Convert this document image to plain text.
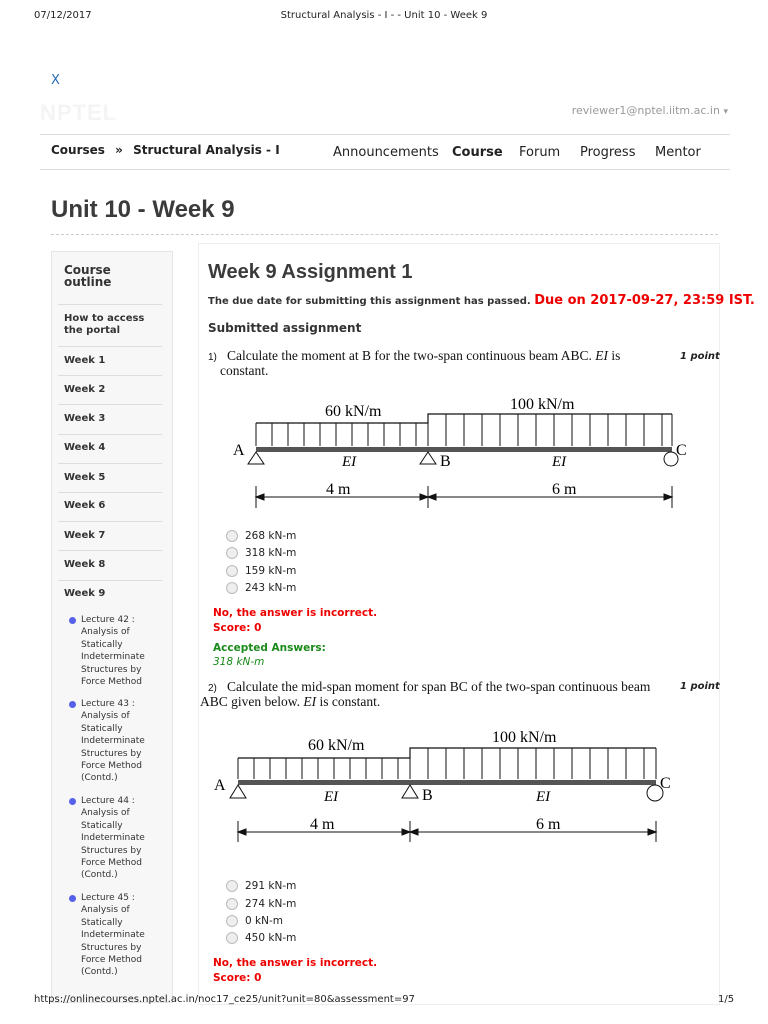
07/12/2017	Structural Analysis - I - - Unit 10 - Week 9
X
NPTEL	reviewer1@nptel.iitm.ac.in ▾
Courses » Structural Analysis - I	Announcements Course Forum Progress Mentor
Unit 10 - Week 9
Course outline
How to access the portal
Week 1
Week 2
Week 3
Week 4
Week 5
Week 6
Week 7
Week 8
Week 9
Lecture 42 : Analysis of Statically Indeterminate Structures by Force Method
Lecture 43 : Analysis of Statically Indeterminate Structures by Force Method (Contd.)
Lecture 44 : Analysis of Statically Indeterminate Structures by Force Method (Contd.)
Lecture 45 : Analysis of Statically Indeterminate Structures by Force Method (Contd.)
Week 9 Assignment 1
The due date for submitting this assignment has passed. Due on 2017-09-27, 23:59 IST.
Submitted assignment
1) Calculate the moment at B for the two-span continuous beam ABC. EI is	1 point
constant.
60 kN/m	100 kN/m
A
B
C
EI	EI
4 m	6 m
268 kN-m
318 kN-m
159 kN-m
243 kN-m
No, the answer is incorrect.
Score: 0
Accepted Answers:
318 kN-m
2) Calculate the mid-span moment for span BC of the two-span continuous beam	1 point
ABC given below. EI is constant.
60 kN/m	100 kN/m
A
B
C
EI	EI
4 m	6 m
291 kN-m
274 kN-m
0 kN-m
450 kN-m
No, the answer is incorrect.
Score: 0
https://onlinecourses.nptel.ac.in/noc17_ce25/unit?unit=80&assessment=97	1/5
